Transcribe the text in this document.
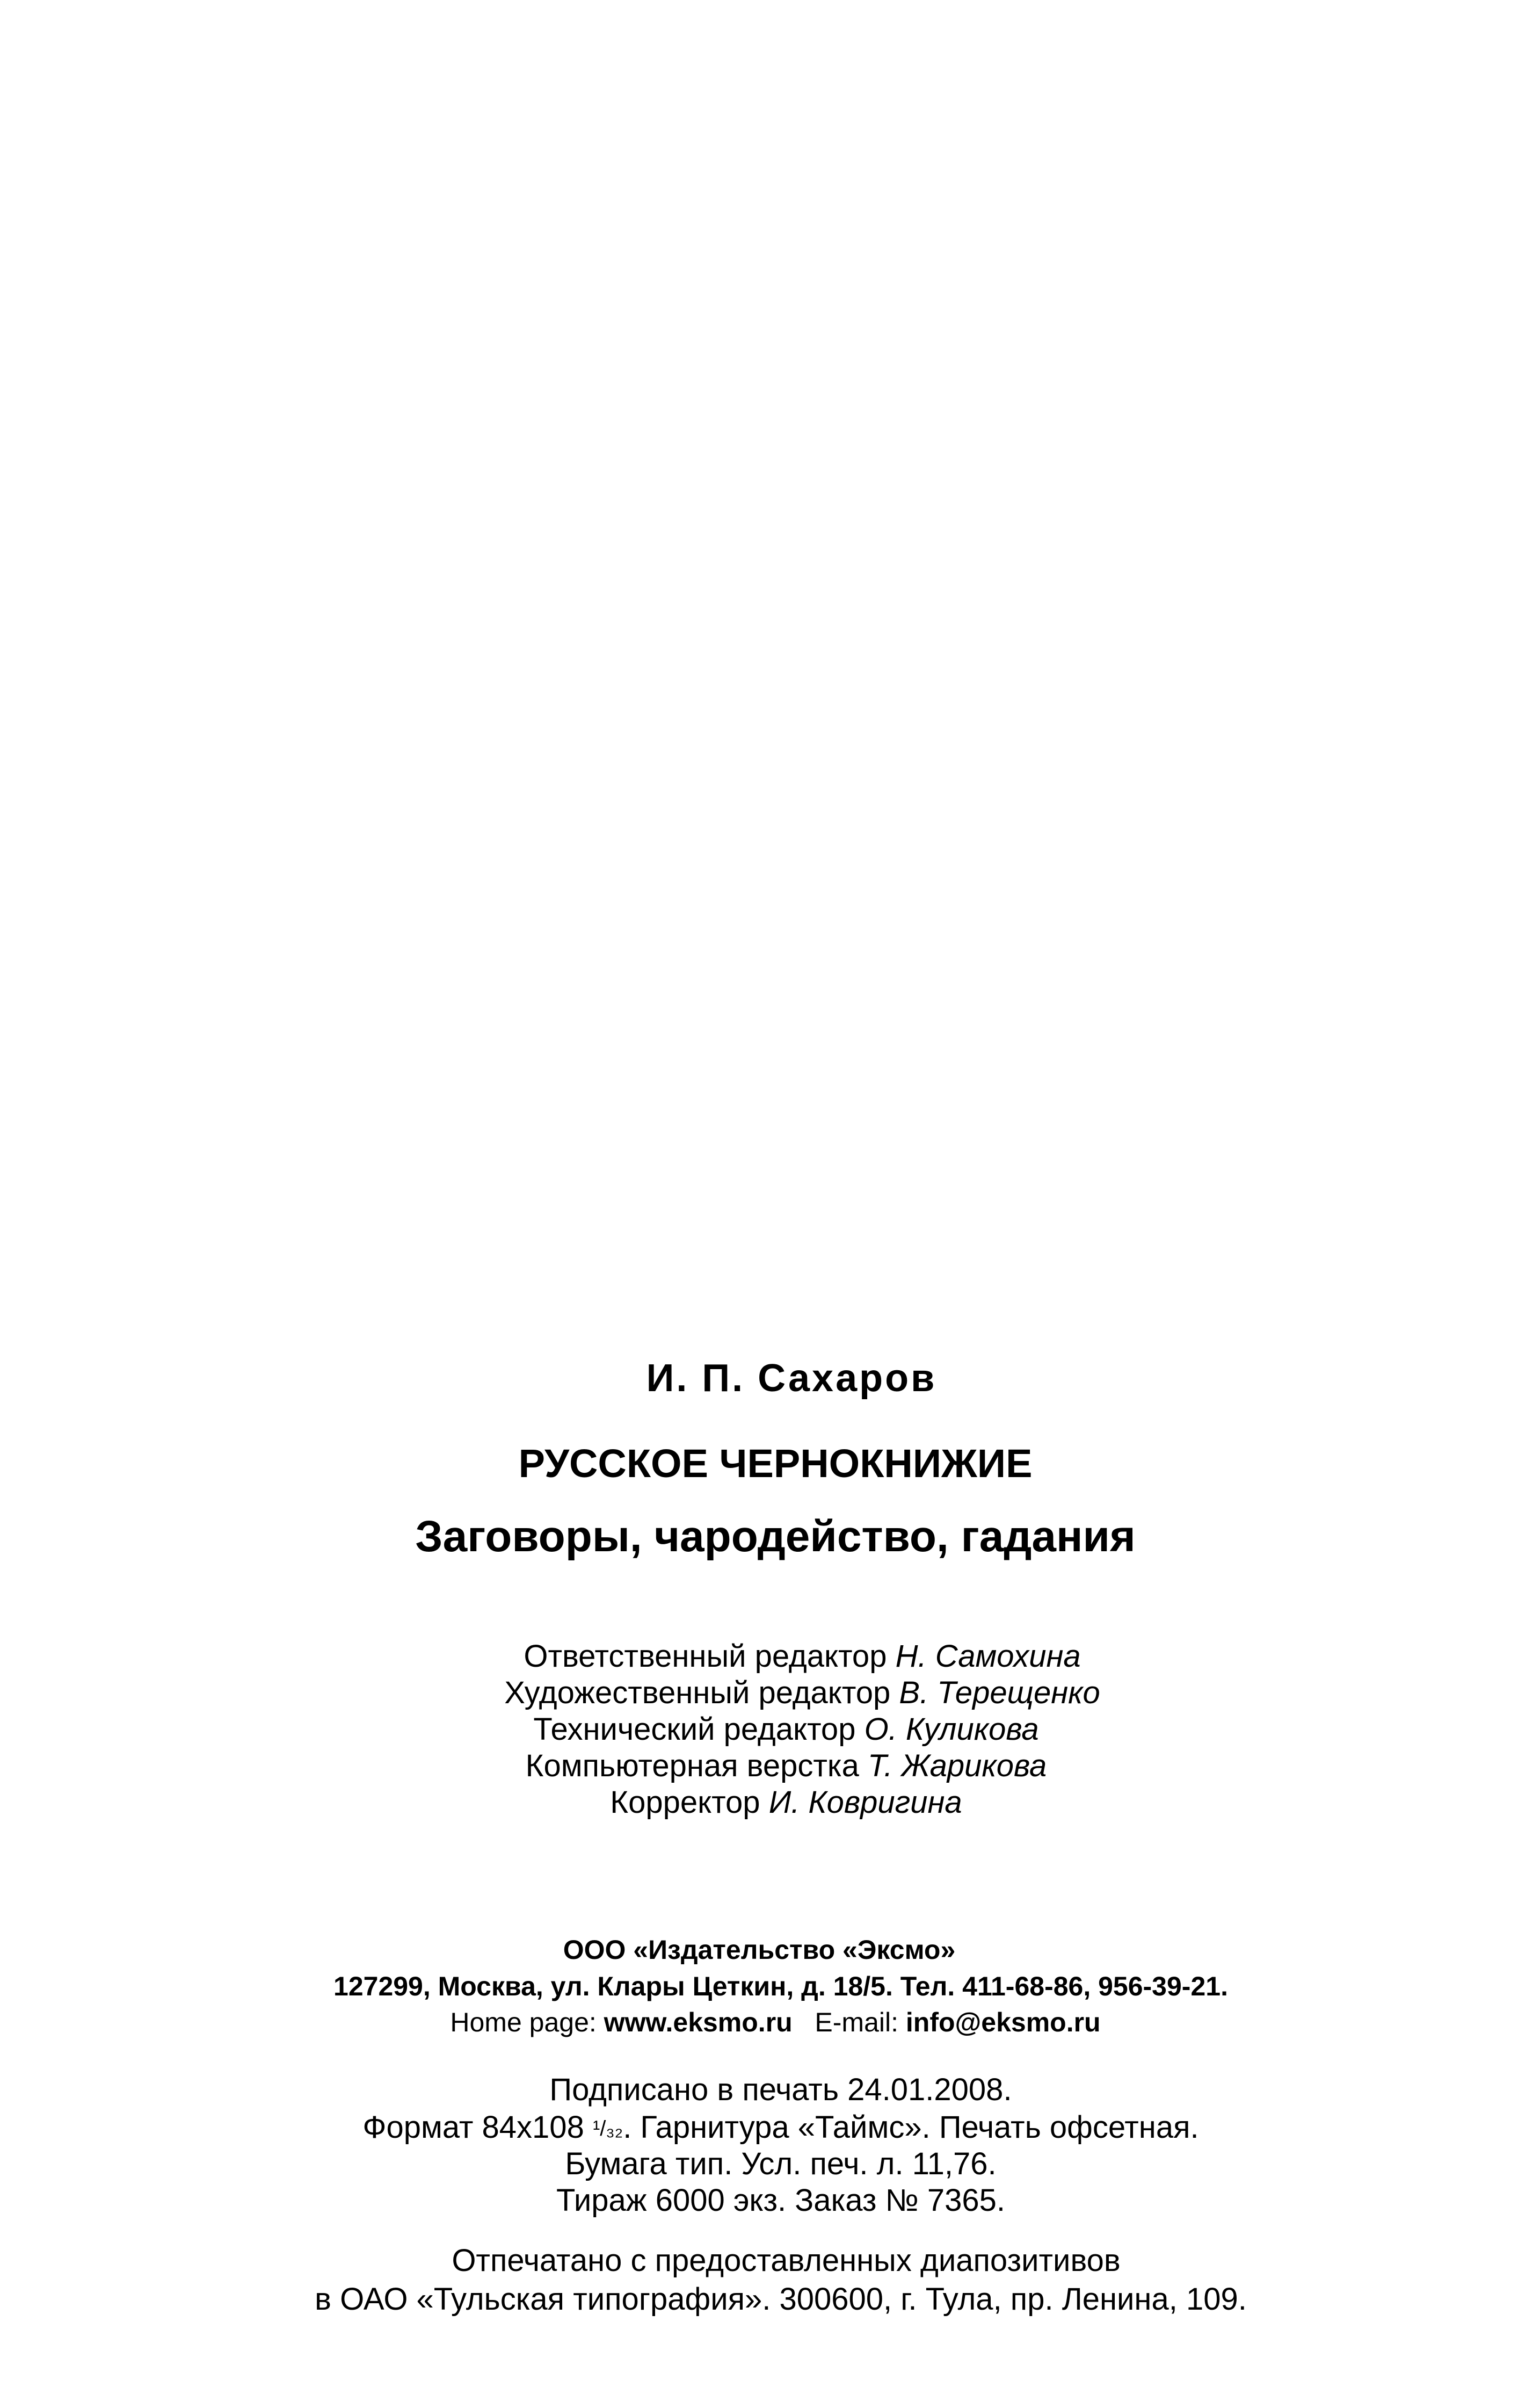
И. П. Сахаров
РУССКОЕ ЧЕРНОКНИЖИЕ
Заговоры, чародейство, гадания
Ответственный редактор Н. Самохина
Художественный редактор В. Терещенко
Технический редактор О. Куликова
Компьютерная верстка Т. Жарикова
Корректор И. Ковригина
ООО «Издательство «Эксмо»
127299, Москва, ул. Клары Цеткин, д. 18/5. Тел. 411-68-86, 956-39-21.
Home page: www.eksmo.ru E-mail: info@eksmo.ru
Подписано в печать 24.01.2008.
Формат 84х108 ¹/₃₂. Гарнитура «Таймс». Печать офсетная.
Бумага тип. Усл. печ. л. 11,76.
Тираж 6000 экз. Заказ № 7365.
Отпечатано с предоставленных диапозитивов
в ОАО «Тульская типография». 300600, г. Тула, пр. Ленина, 109.
